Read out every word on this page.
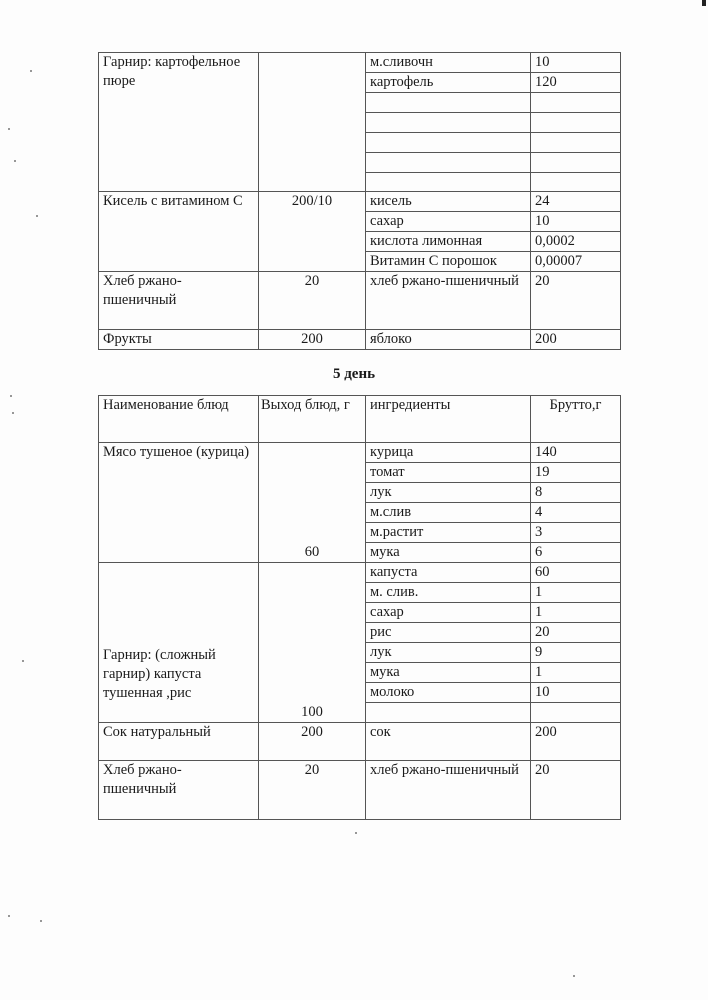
Гарнир: картофельное пюре		м.сливочн	10
		картофель	120

Кисель с витамином С	200/10	кисель	24
		сахар	10
		кислота лимонная	0,0002
		Витамин С порошок	0,00007
Хлеб ржано-пшеничный	20	хлеб ржано-пшеничный	20
Фрукты	200	яблоко	200
5 день
Наименование блюд	Выход блюд, г	ингредиенты	Брутто,г
Мясо тушеное (курица)	60	курица	140
		томат	19
		лук	8
		м.слив	4
		м.растит	3
		мука	6
Гарнир: (сложный гарнир) капуста тушенная ,рис	100	капуста	60
		м. слив.	1
		сахар	1
		рис	20
		лук	9
		мука	1
		молоко	10

Сок натуральный	200	сок	200
Хлеб ржано-пшеничный	20	хлеб ржано-пшеничный	20
